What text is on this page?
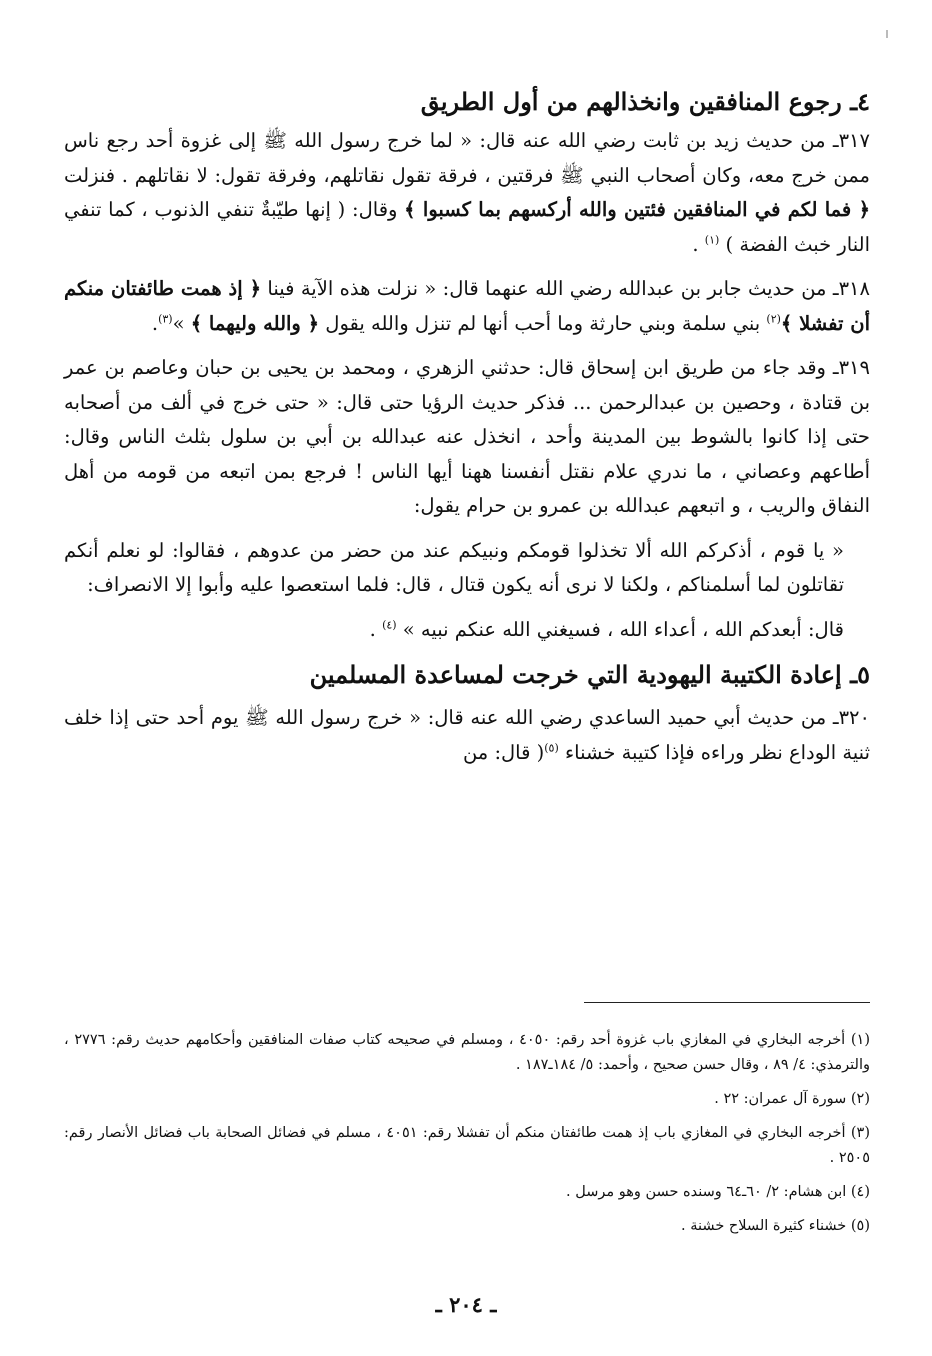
٤ـ رجوع المنافقين وانخذالهم من أول الطريق

٣١٧ـ من حديث زيد بن ثابت رضي الله عنه قال: « لما خرج رسول الله ﷺ إلى غزوة أحد رجع ناس ممن خرج معه، وكان أصحاب النبي ﷺ فرقتين ، فرقة تقول نقاتلهم، وفرقة تقول: لا نقاتلهم . فنزلت ﴿ فما لكم في المنافقين فئتين والله أركسهم بما كسبوا ﴾ وقال: ( إنها طيّبةٌ تنفي الذنوب ، كما تنفي النار خبث الفضة ) $^{(١)}$ .

٣١٨ـ من حديث جابر بن عبدالله رضي الله عنهما قال: « نزلت هذه الآية فينا ﴿ إذ همت طائفتان منكم أن تفشلا ﴾$^{(٢)}$ بني سلمة وبني حارثة وما أحب أنها لم تنزل والله يقول ﴿ والله وليهما ﴾ »$^{(٣)}$.

٣١٩ـ وقد جاء من طريق ابن إسحاق قال: حدثني الزهري ، ومحمد بن يحيى بن حبان وعاصم بن عمر بن قتادة ، وحصين بن عبدالرحمن ... فذكر حديث الرؤيا حتى قال: « حتى خرج في ألف من أصحابه حتى إذا كانوا بالشوط بين المدينة وأحد ، انخذل عنه عبدالله بن أبي بن سلول بثلث الناس وقال: أطاعهم وعصاني ، ما ندري علام نقتل أنفسنا ههنا أيها الناس ! فرجع بمن اتبعه من قومه من أهل النفاق والريب ، و اتبعهم عبدالله بن عمرو بن حرام يقول:

« يا قوم ، أذكركم الله ألا تخذلوا قومكم ونبيكم عند من حضر من عدوهم ، فقالوا: لو نعلم أنكم تقاتلون لما أسلمناكم ، ولكنا لا نرى أنه يكون قتال ، قال: فلما استعصوا عليه وأبوا إلا الانصراف:

قال: أبعدكم الله ، أعداء الله ، فسيغني الله عنكم نبيه » $^{(٤)}$ .

٥ـ إعادة الكتيبة اليهودية التي خرجت لمساعدة المسلمين

٣٢٠ـ من حديث أبي حميد الساعدي رضي الله عنه قال: « خرج رسول الله ﷺ يوم أحد حتى إذا خلف ثنية الوداع نظر وراءه فإذا كتيبة خشناء $^{(٥)}$( قال: من

(١) أخرجه البخاري في المغازي باب غزوة أحد رقم: ٤٠٥٠ ، ومسلم في صحيحه كتاب صفات المنافقين وأحكامهم حديث رقم: ٢٧٧٦ ، والترمذي: ٤/ ٨٩ ، وقال حسن صحيح ، وأحمد: ٥/ ١٨٤ـ١٨٧ .

(٢) سورة آل عمران: ٢٢ .

(٣) أخرجه البخاري في المغازي باب إذ همت طائفتان منكم أن تفشلا رقم: ٤٠٥١ ، مسلم في فضائل الصحابة باب فضائل الأنصار رقم: ٢٥٠٥ .

(٤) ابن هشام: ٢/ ٦٠ـ٦٤ وسنده حسن وهو مرسل .

(٥) خشناء كثيرة السلاح خشنة .

ـ ٢٠٤ ـ
